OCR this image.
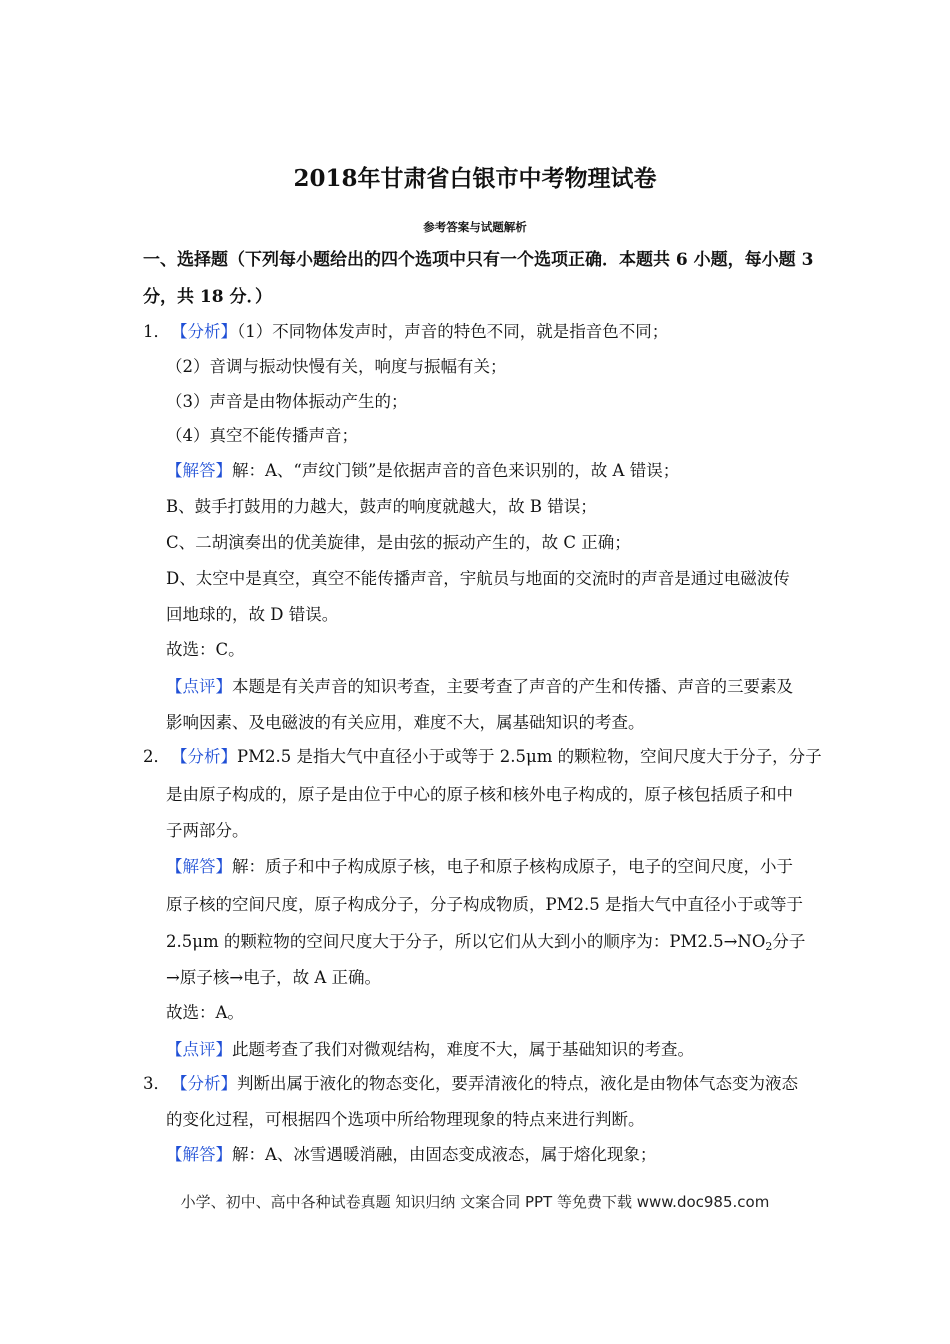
2018年甘肃省白银市中考物理试卷
参考答案与试题解析
一、选择题（下列每小题给出的四个选项中只有一个选项正确．本题共 6 小题，每小题 3
分，共 18 分．）
1．【分析】（1）不同物体发声时，声音的特色不同，就是指音色不同；
（2）音调与振动快慢有关，响度与振幅有关；
（3）声音是由物体振动产生的；
（4）真空不能传播声音；
【解答】解：A、“声纹门锁”是依据声音的音色来识别的，故 A 错误；
B、鼓手打鼓用的力越大，鼓声的响度就越大，故 B 错误；
C、二胡演奏出的优美旋律，是由弦的振动产生的，故 C 正确；
D、太空中是真空，真空不能传播声音，宇航员与地面的交流时的声音是通过电磁波传
回地球的，故 D 错误。
故选：C。
【点评】本题是有关声音的知识考查，主要考查了声音的产生和传播、声音的三要素及
影响因素、及电磁波的有关应用，难度不大，属基础知识的考查。
2．【分析】PM2.5 是指大气中直径小于或等于 2.5μm 的颗粒物，空间尺度大于分子，分子
是由原子构成的，原子是由位于中心的原子核和核外电子构成的，原子核包括质子和中
子两部分。
【解答】解：质子和中子构成原子核，电子和原子核构成原子，电子的空间尺度，小于
原子核的空间尺度，原子构成分子，分子构成物质，PM2.5 是指大气中直径小于或等于
2.5μm 的颗粒物的空间尺度大于分子，所以它们从大到小的顺序为：$PM2.5\to NO_2$分子
→原子核→电子，故 A 正确。
故选：A。
【点评】此题考查了我们对微观结构，难度不大，属于基础知识的考查。
3．【分析】判断出属于液化的物态变化，要弄清液化的特点，液化是由物体气态变为液态
的变化过程，可根据四个选项中所给物理现象的特点来进行判断。
【解答】解：A、冰雪遇暖消融，由固态变成液态，属于熔化现象；
小学、初中、高中各种试卷真题 知识归纳 文案合同 PPT 等免费下载 www.doc985.com
